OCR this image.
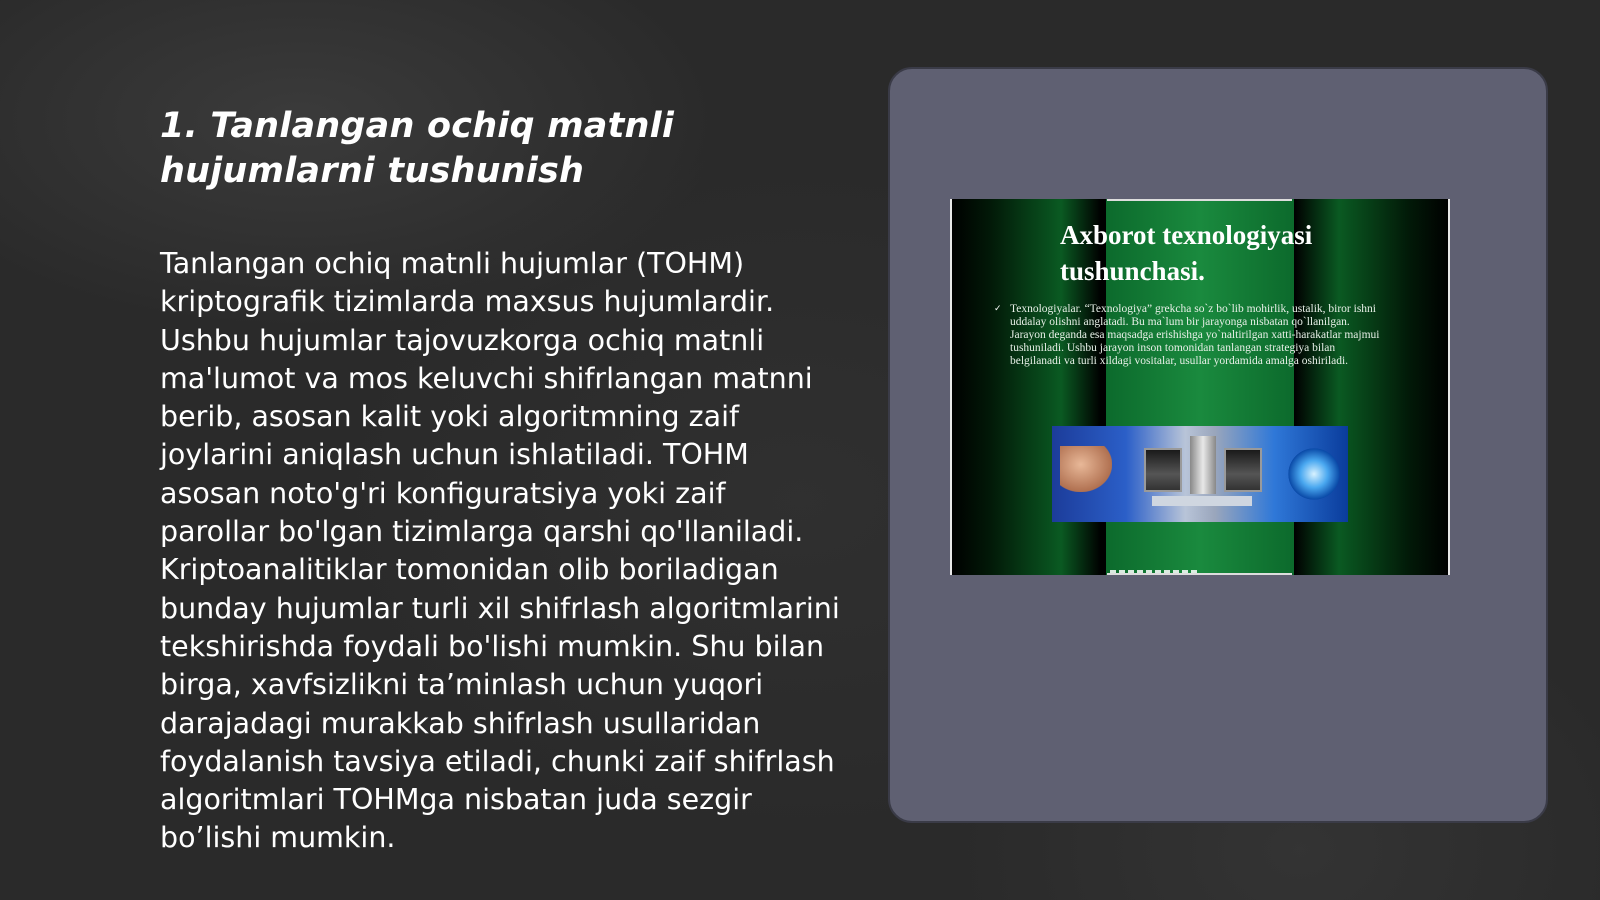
1. Tanlangan ochiq matnli hujumlarni tushunish

Tanlangan ochiq matnli hujumlar (TOHM) kriptografik tizimlarda maxsus hujumlardir. Ushbu hujumlar tajovuzkorga ochiq matnli ma'lumot va mos keluvchi shifrlangan matnni berib, asosan kalit yoki algoritmning zaif joylarini aniqlash uchun ishlatiladi. TOHM asosan noto'g'ri konfiguratsiya yoki zaif parollar bo'lgan tizimlarga qarshi qo'llaniladi. Kriptoanalitiklar tomonidan olib boriladigan bunday hujumlar turli xil shifrlash algoritmlarini tekshirishda foydali bo'lishi mumkin. Shu bilan birga, xavfsizlikni ta’minlash uchun yuqori darajadagi murakkab shifrlash usullaridan foydalanish tavsiya etiladi, chunki zaif shifrlash algoritmlari TOHMga nisbatan juda sezgir bo’lishi mumkin.

Axborot texnologiyasi tushunchasi.
✓ Texnologiyalar. “Texnologiya” grekcha so`z bo`lib mohirlik, ustalik, biror ishni uddalay olishni anglatadi. Bu ma`lum bir jarayonga nisbatan qo`llanilgan. Jarayon deganda esa maqsadga erishishga yo`naltirilgan xatti-harakatlar majmui tushuniladi. Ushbu jarayon inson tomonidan tanlangan strategiya bilan belgilanadi va turli xildagi vositalar, usullar yordamida amalga oshiriladi.
